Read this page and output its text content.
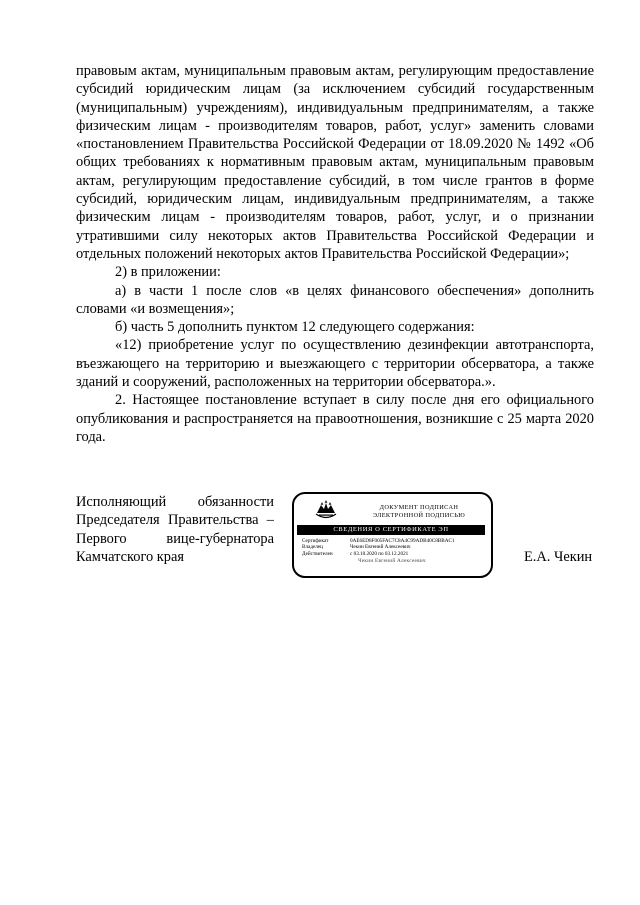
правовым актам, муниципальным правовым актам, регулирующим предоставление субсидий юридическим лицам (за исключением субсидий государственным (муниципальным) учреждениям), индивидуальным предпринимателям, а также физическим лицам - производителям товаров, работ, услуг» заменить словами «постановлением Правительства Российской Федерации от 18.09.2020 № 1492 «Об общих требованиях к нормативным правовым актам, муниципальным правовым актам, регулирующим предоставление субсидий, в том числе грантов в форме субсидий, юридическим лицам, индивидуальным предпринимателям, а также физическим лицам - производителям товаров, работ, услуг, и о признании утратившими силу некоторых актов Правительства Российской Федерации и отдельных положений некоторых актов Правительства Российской Федерации»;

2) в приложении:

а) в части 1 после слов «в целях финансового обеспечения» дополнить словами «и возмещения»;

б) часть 5 дополнить пунктом 12 следующего содержания:

«12) приобретение услуг по осуществлению дезинфекции автотранспорта, въезжающего на территорию и выезжающего с территории обсерватора, а также зданий и сооружений, расположенных на территории обсерватора.».

2. Настоящее постановление вступает в силу после дня его официального опубликования и распространяется на правоотношения, возникшие с 25 марта 2020 года.

Исполняющий обязанности Председателя Правительства – Первого вице-губернатора Камчатского края

ДОКУМЕНТ ПОДПИСАН
ЭЛЕКТРОННОЙ ПОДПИСЬЮ
СВЕДЕНИЯ О СЕРТИФИКАТЕ ЭП
Сертификат	0AE6ED8F005FAC7C8A4C99ADB40C8BBAC1
Владелец	Чекин Евгений Алексеевич
Действителен	с 03.10.2020 по 03.12.2021
Чекин Евгений Алексеевич	Е.А. Чекин
